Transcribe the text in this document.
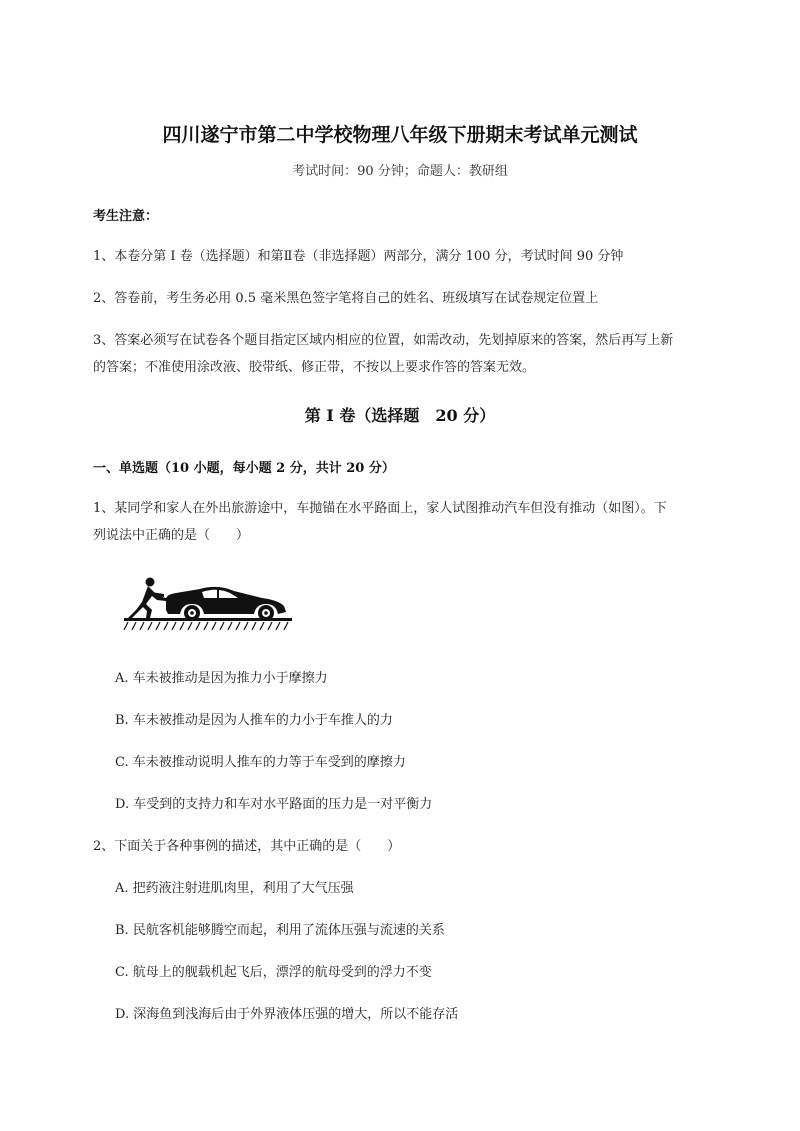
四川遂宁市第二中学校物理八年级下册期末考试单元测试
考试时间：90 分钟；命题人：教研组
考生注意：
1、本卷分第 I 卷（选择题）和第Ⅱ卷（非选择题）两部分，满分 100 分，考试时间 90 分钟
2、答卷前，考生务必用 0.5 毫米黑色签字笔将自己的姓名、班级填写在试卷规定位置上
3、答案必须写在试卷各个题目指定区域内相应的位置，如需改动，先划掉原来的答案，然后再写上新
的答案；不准使用涂改液、胶带纸、修正带，不按以上要求作答的答案无效。
第 I 卷（选择题　20 分）
一、单选题（10 小题，每小题 2 分，共计 20 分）
1、某同学和家人在外出旅游途中，车抛锚在水平路面上，家人试图推动汽车但没有推动（如图）。下
列说法中正确的是（　　）
A. 车未被推动是因为推力小于摩擦力
B. 车未被推动是因为人推车的力小于车推人的力
C. 车未被推动说明人推车的力等于车受到的摩擦力
D. 车受到的支持力和车对水平路面的压力是一对平衡力
2、下面关于各种事例的描述，其中正确的是（　　）
A. 把药液注射进肌肉里，利用了大气压强
B. 民航客机能够腾空而起，利用了流体压强与流速的关系
C. 航母上的舰载机起飞后，漂浮的航母受到的浮力不变
D. 深海鱼到浅海后由于外界液体压强的增大，所以不能存活
